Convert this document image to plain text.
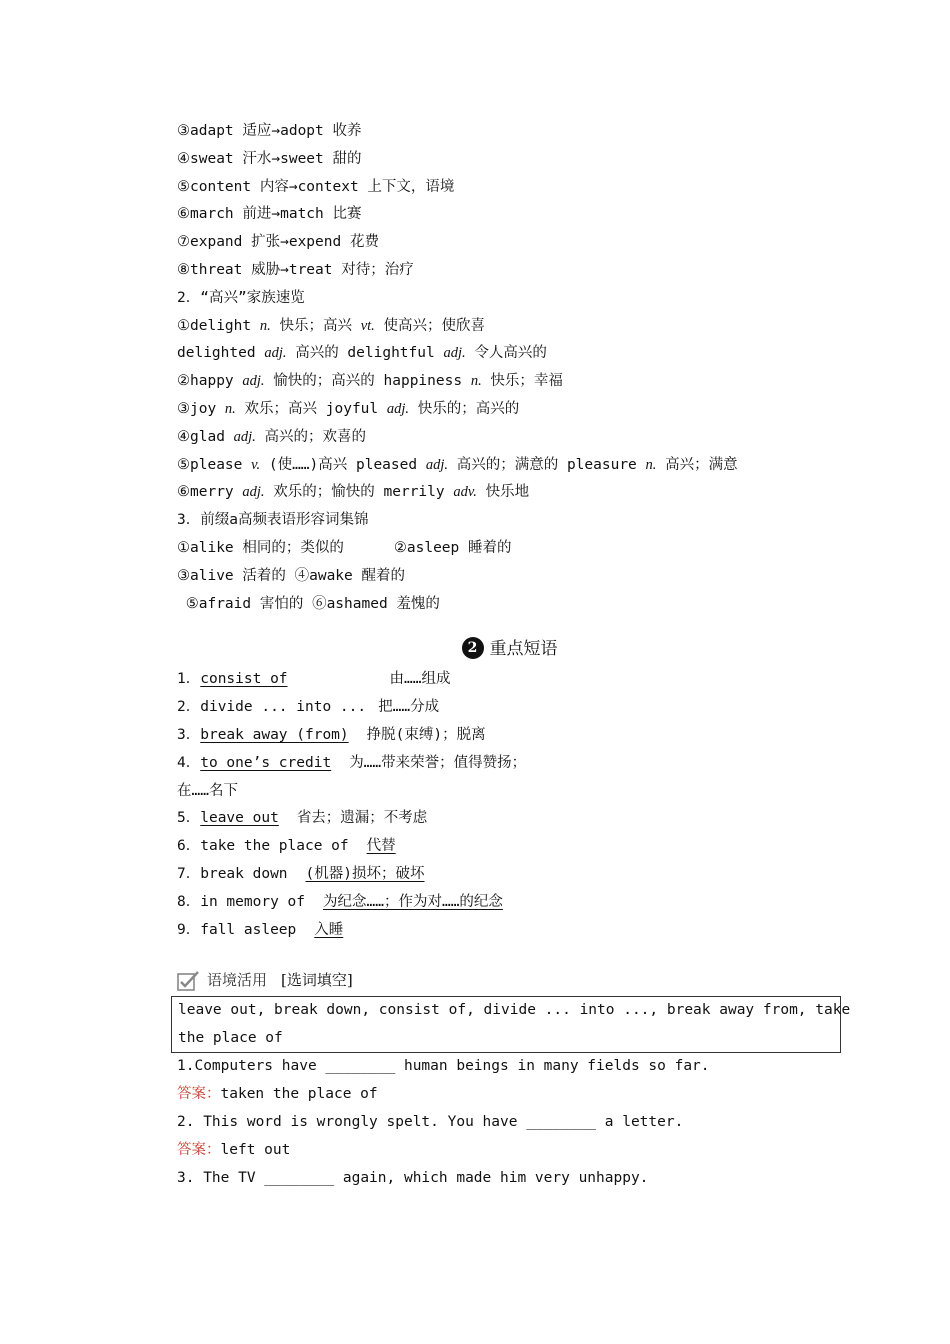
③adapt 适应→adopt 收养
④sweat 汗水→sweet 甜的
⑤content 内容→context 上下文，语境
⑥march 前进→match 比赛
⑦expand 扩张→expend 花费
⑧threat 威胁→treat 对待；治疗
2．“高兴”家族速览
①delight n. 快乐；高兴 vt. 使高兴；使欣喜
delighted adj. 高兴的 delightful adj. 令人高兴的
②happy adj. 愉快的；高兴的 happiness n. 快乐；幸福
③joy n. 欢乐；高兴 joyful adj. 快乐的；高兴的
④glad adj. 高兴的；欢喜的
⑤please v. (使……)高兴 pleased adj. 高兴的；满意的 pleasure n. 高兴；满意
⑥merry adj. 欢乐的；愉快的 merrily adv. 快乐地
3．前缀a高频表语形容词集锦
①alike 相同的；类似的	②asleep 睡着的
③alive 活着的 ④awake 醒着的
⑤afraid 害怕的 ⑥ashamed 羞愧的
2 重点短语
1．consist of	由……组成
2．divide ... into ... 把……分成
3．break away (from) 挣脱(束缚)；脱离
4．to one’s credit 为……带来荣誉；值得赞扬；
在……名下
5．leave out 省去；遗漏；不考虑
6．take the place of 代替
7．break down (机器)损坏；破坏
8．in memory of 为纪念……；作为对……的纪念
9．fall asleep 入睡
语境活用 [选词填空]
leave out, break down, consist of, divide ... into ..., break away from, take
the place of
1.Computers have ________ human beings in many fields so far.
答案：taken the place of
2. This word is wrongly spelt. You have ________ a letter.
答案：left out
3. The TV ________ again, which made him very unhappy.
